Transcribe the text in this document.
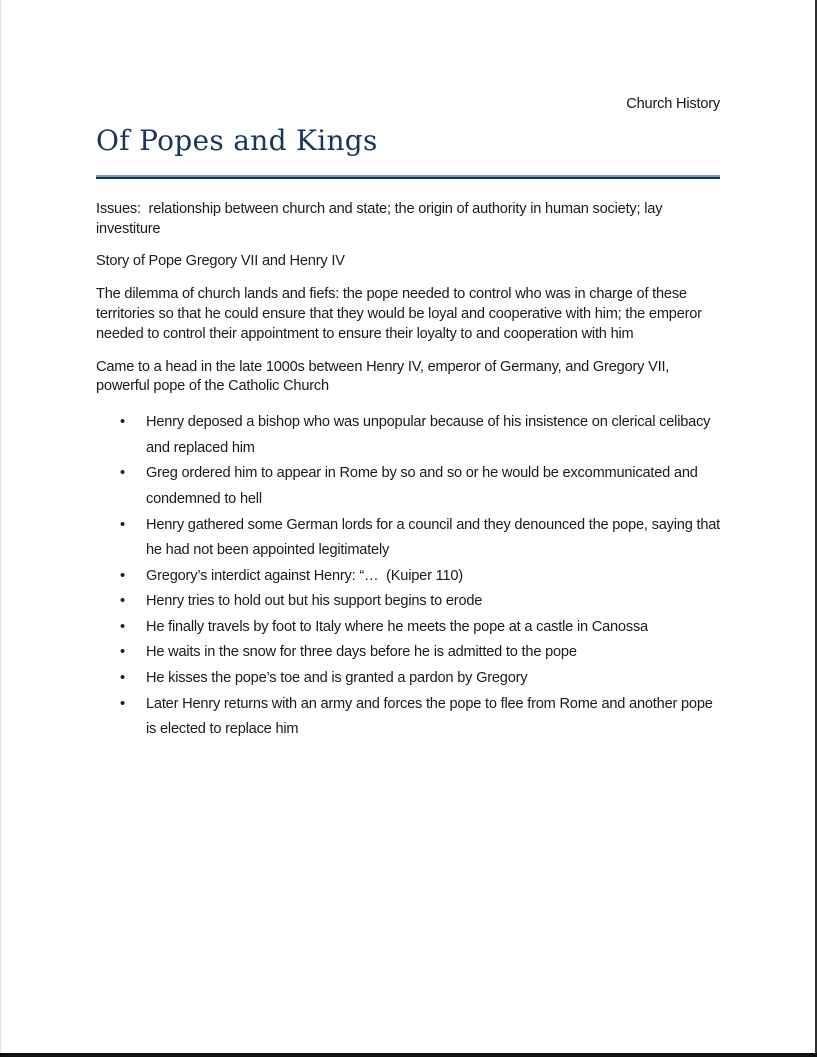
Church History
Of Popes and Kings

Issues:  relationship between church and state; the origin of authority in human society; lay investiture

Story of Pope Gregory VII and Henry IV

The dilemma of church lands and fiefs: the pope needed to control who was in charge of these territories so that he could ensure that they would be loyal and cooperative with him; the emperor needed to control their appointment to ensure their loyalty to and cooperation with him

Came to a head in the late 1000s between Henry IV, emperor of Germany, and Gregory VII, powerful pope of the Catholic Church

• Henry deposed a bishop who was unpopular because of his insistence on clerical celibacy and replaced him
• Greg ordered him to appear in Rome by so and so or he would be excommunicated and condemned to hell
• Henry gathered some German lords for a council and they denounced the pope, saying that he had not been appointed legitimately
• Gregory’s interdict against Henry: “…  (Kuiper 110)
• Henry tries to hold out but his support begins to erode
• He finally travels by foot to Italy where he meets the pope at a castle in Canossa
• He waits in the snow for three days before he is admitted to the pope
• He kisses the pope’s toe and is granted a pardon by Gregory
• Later Henry returns with an army and forces the pope to flee from Rome and another pope is elected to replace him
